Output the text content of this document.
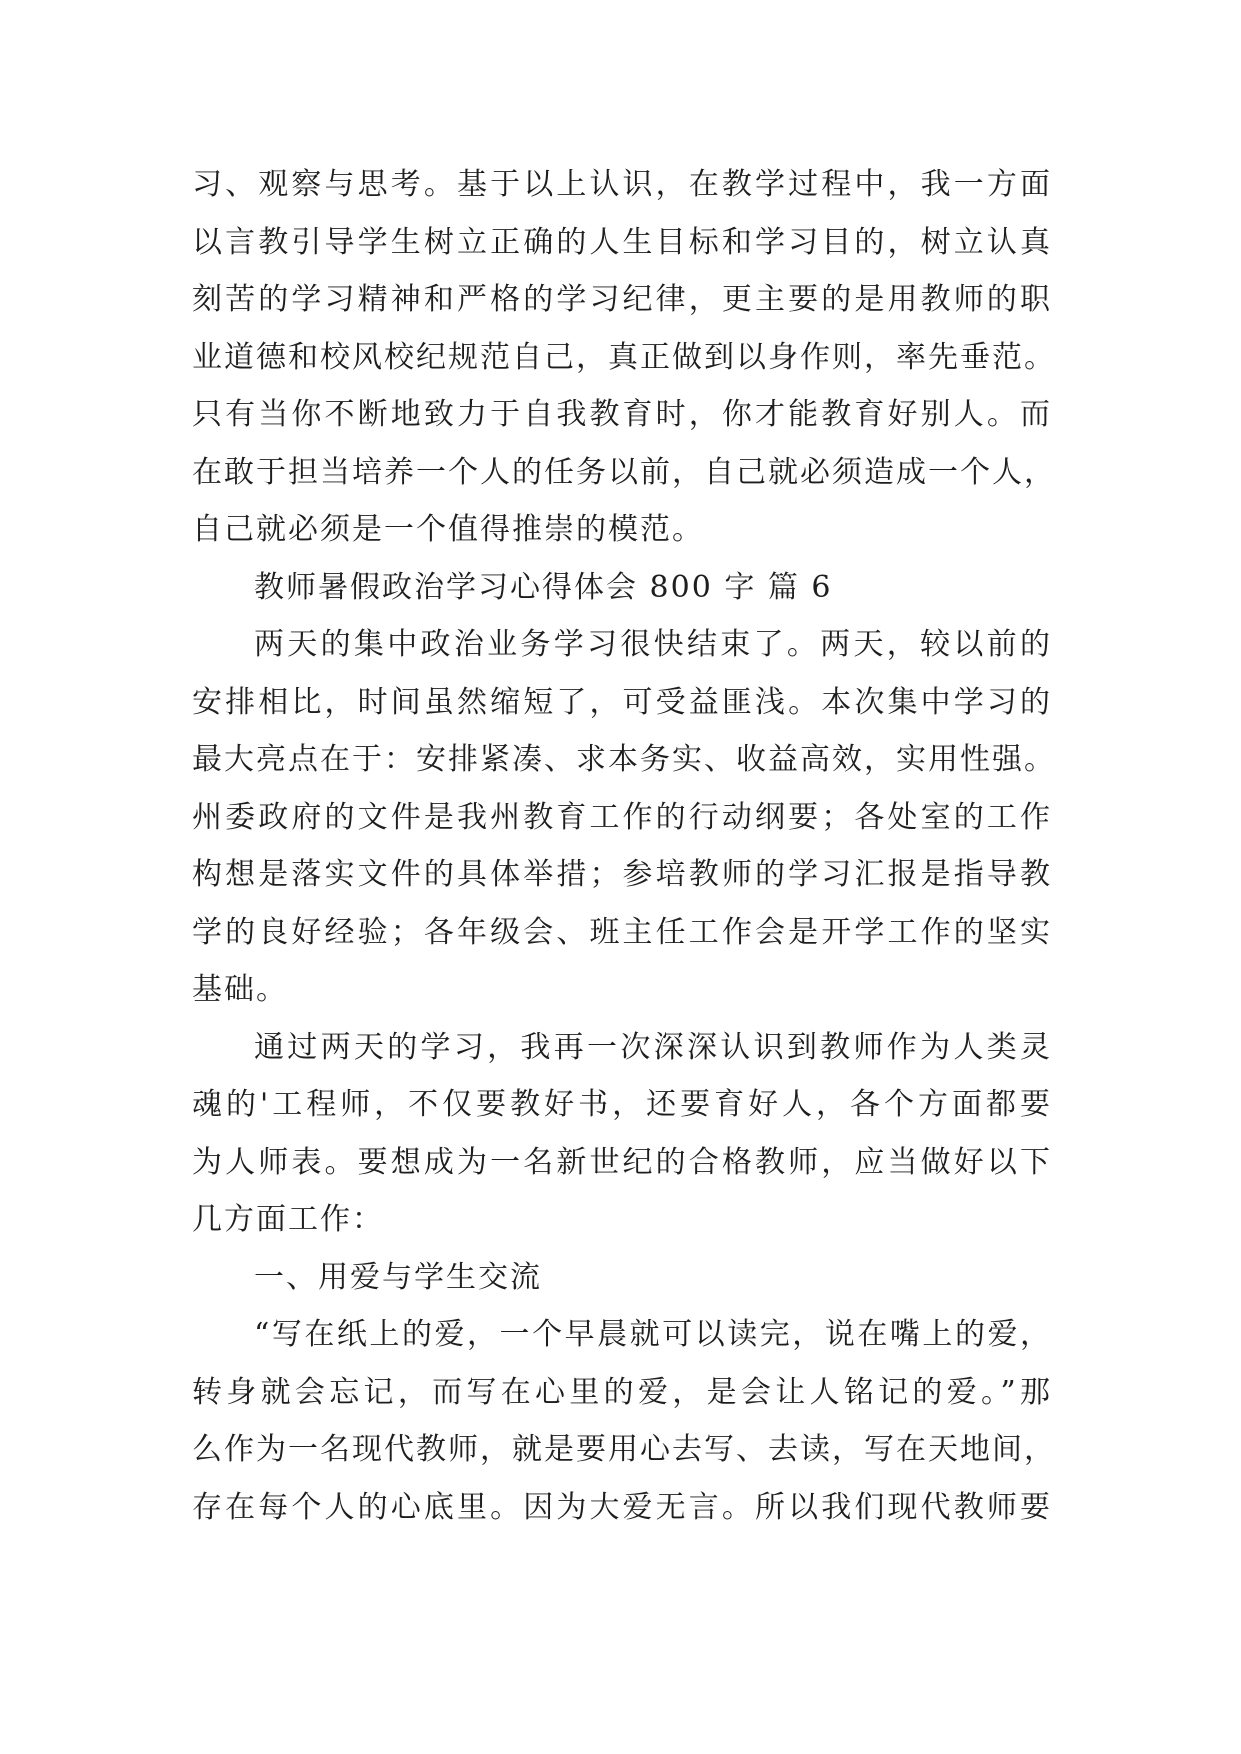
习、观察与思考。基于以上认识，在教学过程中，我一方面
以言教引导学生树立正确的人生目标和学习目的，树立认真
刻苦的学习精神和严格的学习纪律，更主要的是用教师的职
业道德和校风校纪规范自己，真正做到以身作则，率先垂范。
只有当你不断地致力于自我教育时，你才能教育好别人。而
在敢于担当培养一个人的任务以前，自己就必须造成一个人，
自己就必须是一个值得推崇的模范。
教师暑假政治学习心得体会 800 字 篇 6
两天的集中政治业务学习很快结束了。两天，较以前的
安排相比，时间虽然缩短了，可受益匪浅。本次集中学习的
最大亮点在于：安排紧凑、求本务实、收益高效，实用性强。
州委政府的文件是我州教育工作的行动纲要；各处室的工作
构想是落实文件的具体举措；参培教师的学习汇报是指导教
学的良好经验；各年级会、班主任工作会是开学工作的坚实
基础。
通过两天的学习，我再一次深深认识到教师作为人类灵
魂的'工程师，不仅要教好书，还要育好人，各个方面都要
为人师表。要想成为一名新世纪的合格教师，应当做好以下
几方面工作：
一、用爱与学生交流
“写在纸上的爱，一个早晨就可以读完，说在嘴上的爱，
转身就会忘记，而写在心里的爱，是会让人铭记的爱。”那
么作为一名现代教师，就是要用心去写、去读，写在天地间，
存在每个人的心底里。因为大爱无言。所以我们现代教师要
